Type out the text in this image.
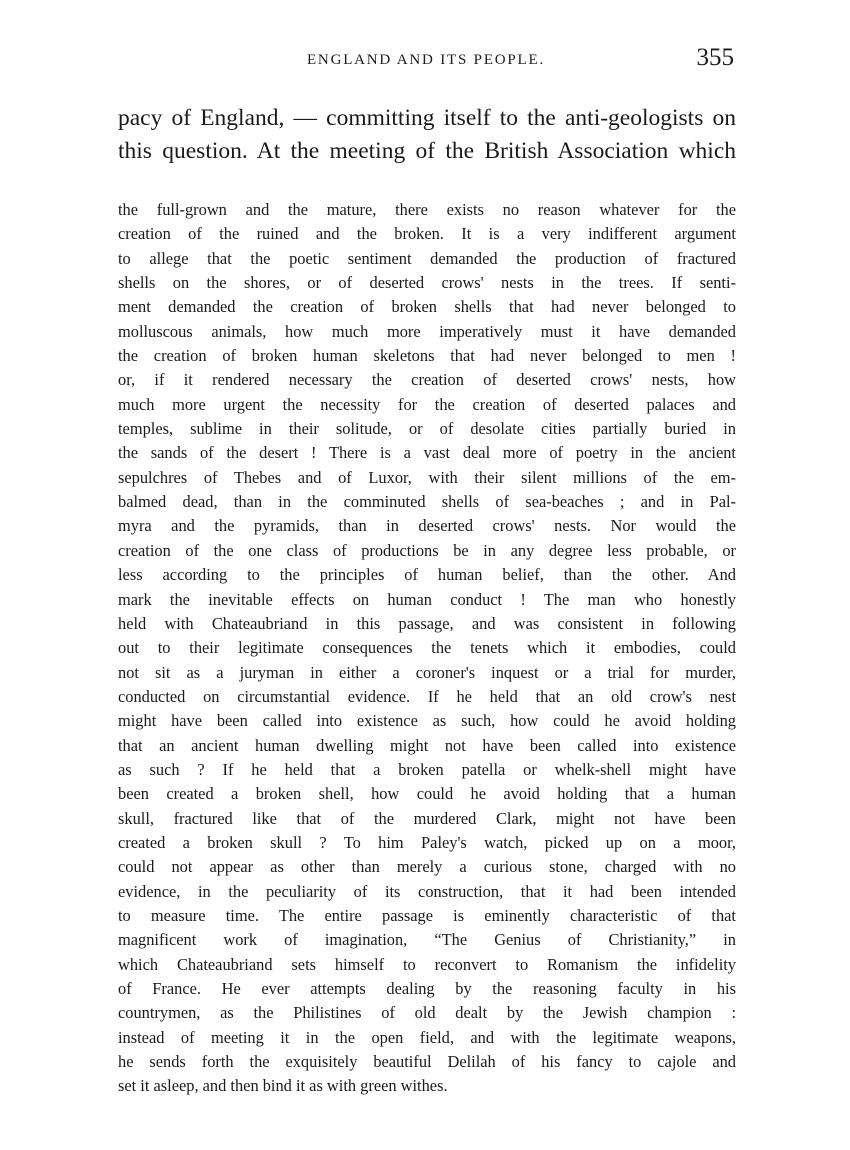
ENGLAND AND ITS PEOPLE.	355
pacy of England, — committing itself to the anti-geologists on
this question. At the meeting of the British Association which
the full-grown and the mature, there exists no reason whatever for the
creation of the ruined and the broken. It is a very indifferent argument
to allege that the poetic sentiment demanded the production of fractured
shells on the shores, or of deserted crows' nests in the trees. If senti-
ment demanded the creation of broken shells that had never belonged to
molluscous animals, how much more imperatively must it have demanded
the creation of broken human skeletons that had never belonged to men !
or, if it rendered necessary the creation of deserted crows' nests, how
much more urgent the necessity for the creation of deserted palaces and
temples, sublime in their solitude, or of desolate cities partially buried in
the sands of the desert ! There is a vast deal more of poetry in the ancient
sepulchres of Thebes and of Luxor, with their silent millions of the em-
balmed dead, than in the comminuted shells of sea-beaches ; and in Pal-
myra and the pyramids, than in deserted crows' nests. Nor would the
creation of the one class of productions be in any degree less probable, or
less according to the principles of human belief, than the other. And
mark the inevitable effects on human conduct ! The man who honestly
held with Chateaubriand in this passage, and was consistent in following
out to their legitimate consequences the tenets which it embodies, could
not sit as a juryman in either a coroner's inquest or a trial for murder,
conducted on circumstantial evidence. If he held that an old crow's nest
might have been called into existence as such, how could he avoid holding
that an ancient human dwelling might not have been called into existence
as such ? If he held that a broken patella or whelk-shell might have
been created a broken shell, how could he avoid holding that a human
skull, fractured like that of the murdered Clark, might not have been
created a broken skull ? To him Paley's watch, picked up on a moor,
could not appear as other than merely a curious stone, charged with no
evidence, in the peculiarity of its construction, that it had been intended
to measure time. The entire passage is eminently characteristic of that
magnificent work of imagination, “The Genius of Christianity,” in
which Chateaubriand sets himself to reconvert to Romanism the infidelity
of France. He ever attempts dealing by the reasoning faculty in his
countrymen, as the Philistines of old dealt by the Jewish champion :
instead of meeting it in the open field, and with the legitimate weapons,
he sends forth the exquisitely beautiful Delilah of his fancy to cajole and
set it asleep, and then bind it as with green withes.
